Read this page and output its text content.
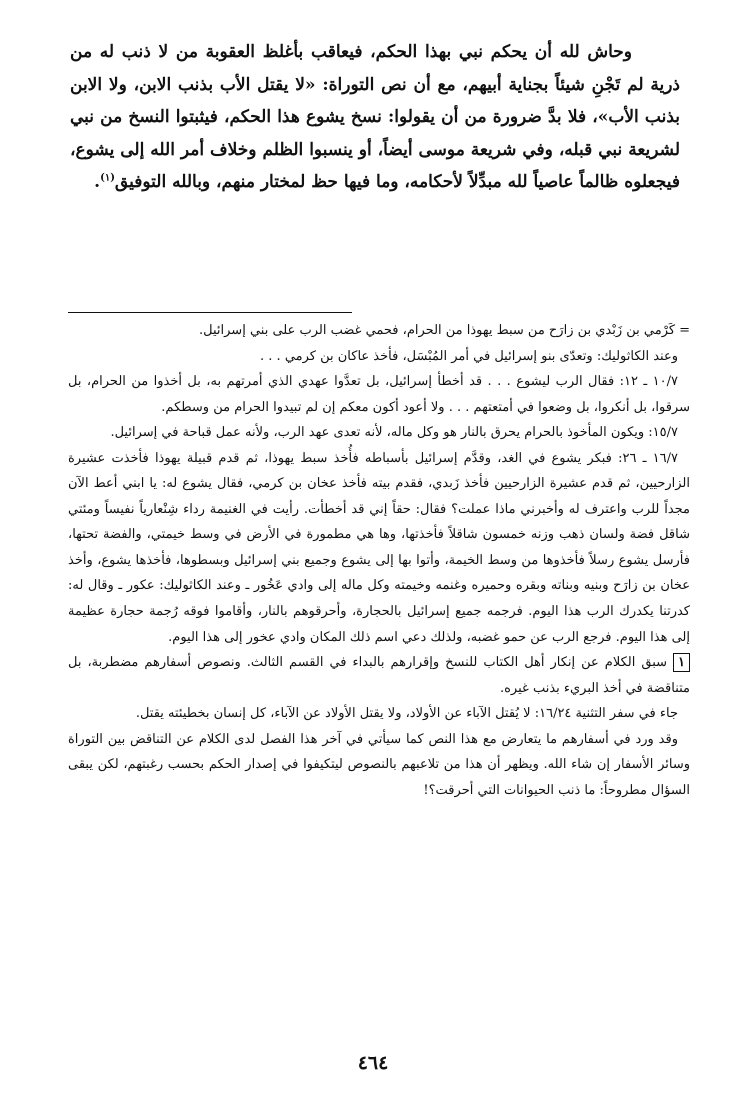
وحاش لله أن يحكم نبي بهذا الحكم، فيعاقب بأغلظ العقوبة من لا ذنب له من ذرية لم تَجْنِ شيئاً بجناية أبيهم، مع أن نص التوراة: «لا يقتل الأب بذنب الابن، ولا الابن بذنب الأب»، فلا بدَّ ضرورة من أن يقولوا: نسخ يشوع هذا الحكم، فيثبتوا النسخ من نبي لشريعة نبي قبله، وفي شريعة موسى أيضاً، أو ينسبوا الظلم وخلاف أمر الله إلى يشوع، فيجعلوه ظالماً عاصياً لله مبدِّلاً لأحكامه، وما فيها حظ لمختار منهم، وبالله التوفيق$^{(١)}$.

=كَرْمي بن زَبْدي بن زارَح من سبط يهوذا من الحرام، فحمي غضب الرب على بني إسرائيل.

وعند الكاثوليك: وتعدّى بنو إسرائيل في أمر المُبْسَل، فأخذ عاكان بن كرمي . . .

١٠/٧ ـ ١٢: فقال الرب ليشوع . . . قد أخطأ إسرائيل، بل تعدَّوا عهدي الذي أمرتهم به، بل أخذوا من الحرام، بل سرقوا، بل أنكروا، بل وضعوا في أمتعتهم . . . ولا أعود أكون معكم إن لم تبيدوا الحرام من وسطكم.

١٥/٧: ويكون المأخوذ بالحرام يحرق بالنار هو وكل ماله، لأنه تعدى عهد الرب، ولأنه عمل قباحة في إسرائيل.

١٦/٧ ـ ٢٦: فبكر يشوع في الغد، وقدَّم إسرائيل بأسباطه فأُخذ سبط يهوذا، ثم قدم قبيلة يهوذا فأخذت عشيرة الزارحيين، ثم قدم عشيرة الزارحيين فأخذ زَبدي، فقدم بيته فأخذ عخان بن كرمي، فقال يشوع له: يا ابني أعط الآن مجداً للرب واعترف له وأخبرني ماذا عملت؟ فقال: حقاً إني قد أخطأت. رأيت في الغنيمة رداء شِنْعارياً نفيساً ومئتي شاقل فضة ولسان ذهب وزنه خمسون شاقلاً فأخذتها، وها هي مطمورة في الأرض في وسط خيمتي، والفضة تحتها، فأرسل يشوع رسلاً فأخذوها من وسط الخيمة، وأتوا بها إلى يشوع وجميع بني إسرائيل وبسطوها، فأخذها يشوع، وأخذ عخان بن زارَح وبنيه وبناته وبقره وحميره وغنمه وخيمته وكل ماله إلى وادي عَخُور ـ وعند الكاثوليك: عكور ـ وقال له: كدرتنا يكدرك الرب هذا اليوم. فرجمه جميع إسرائيل بالحجارة، وأحرقوهم بالنار، وأقاموا فوقه رُجمة حجارة عظيمة إلى هذا اليوم. فرجع الرب عن حمو غضبه، ولذلك دعي اسم ذلك المكان وادي عخور إلى هذا اليوم.

١سبق الكلام عن إنكار أهل الكتاب للنسخ وإقرارهم بالبداء في القسم الثالث. ونصوص أسفارهم مضطربة، بل متناقضة في أخذ البريء بذنب غيره.

جاء في سفر التثنية ١٦/٢٤: لا يُقتل الآباء عن الأولاد، ولا يقتل الأولاد عن الآباء، كل إنسان بخطيئته يقتل.

وقد ورد في أسفارهم ما يتعارض مع هذا النص كما سيأتي في آخر هذا الفصل لدى الكلام عن التناقض بين التوراة وسائر الأسفار إن شاء الله. ويظهر أن هذا من تلاعبهم بالنصوص ليتكيفوا في إصدار الحكم بحسب رغبتهم، لكن يبقى السؤال مطروحاً: ما ذنب الحيوانات التي أحرقت؟!

٤٦٤
